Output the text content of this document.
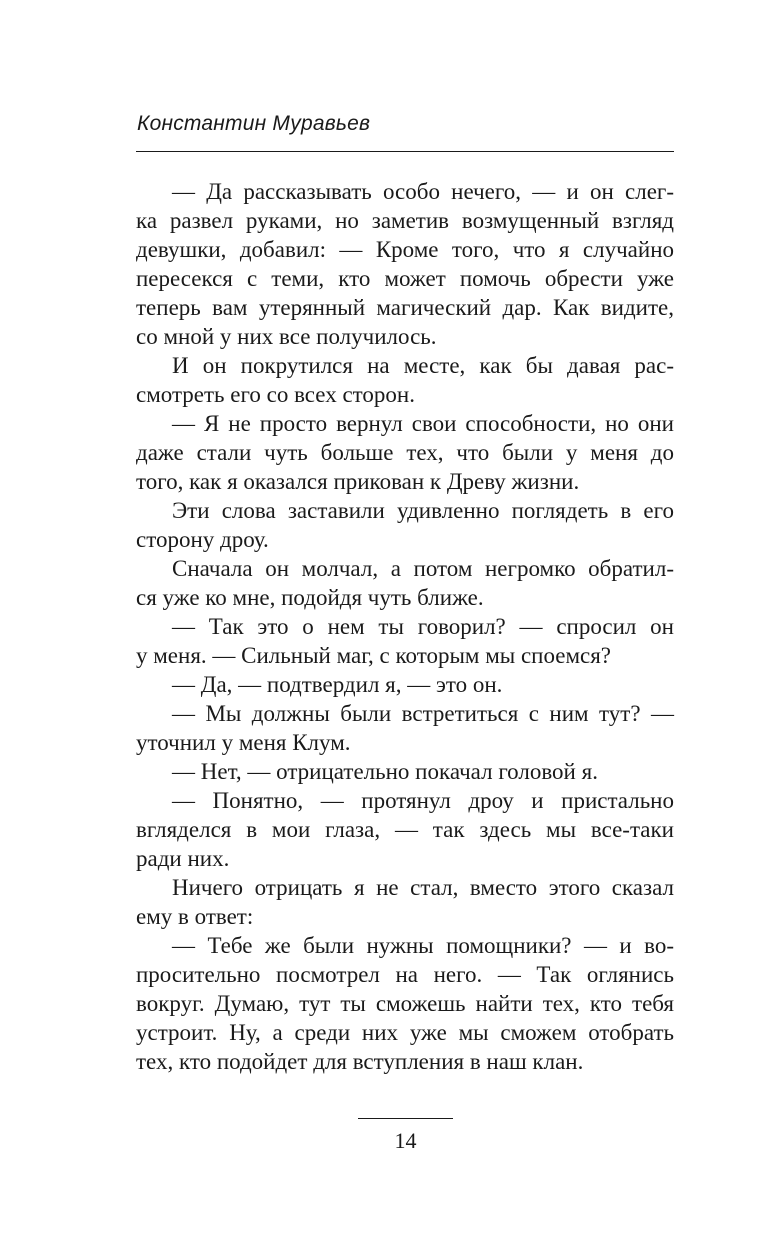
Константин Муравьев
— Да рассказывать особо нечего, — и он слег-
ка развел руками, но заметив возмущенный взгляд
девушки, добавил: — Кроме того, что я случайно
пересекся с теми, кто может помочь обрести уже
теперь вам утерянный магический дар. Как видите,
со мной у них все получилось.
И он покрутился на месте, как бы давая рас-
смотреть его со всех сторон.
— Я не просто вернул свои способности, но они
даже стали чуть больше тех, что были у меня до
того, как я оказался прикован к Древу жизни.
Эти слова заставили удивленно поглядеть в его
сторону дроу.
Сначала он молчал, а потом негромко обратил-
ся уже ко мне, подойдя чуть ближе.
— Так это о нем ты говорил? — спросил он
у меня. — Сильный маг, с которым мы споемся?
— Да, — подтвердил я, — это он.
— Мы должны были встретиться с ним тут? —
уточнил у меня Клум.
— Нет, — отрицательно покачал головой я.
— Понятно, — протянул дроу и пристально
вгляделся в мои глаза, — так здесь мы все-таки
ради них.
Ничего отрицать я не стал, вместо этого сказал
ему в ответ:
— Тебе же были нужны помощники? — и во-
просительно посмотрел на него. — Так оглянись
вокруг. Думаю, тут ты сможешь найти тех, кто тебя
устроит. Ну, а среди них уже мы сможем отобрать
тех, кто подойдет для вступления в наш клан.
14
